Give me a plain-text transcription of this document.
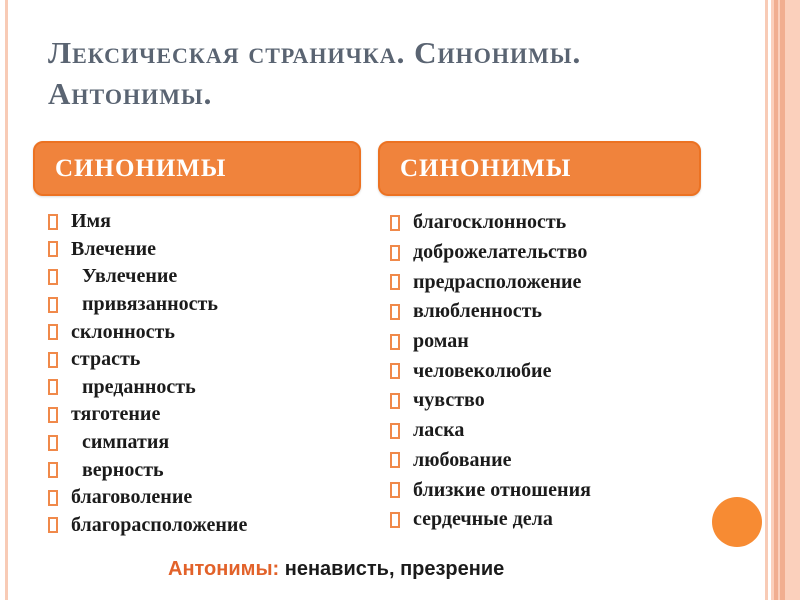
Лексическая страничка. Синонимы.
Антонимы.
СИНОНИМЫ	СИНОНИМЫ
Имя
Влечение
Увлечение
привязанность
склонность
страсть
преданность
тяготение
симпатия
верность
благоволение
благорасположение
благосклонность
доброжелательство
предрасположение
влюбленность
роман
человеколюбие
чувство
ласка
любование
близкие отношения
сердечные дела
Антонимы: ненависть, презрение
